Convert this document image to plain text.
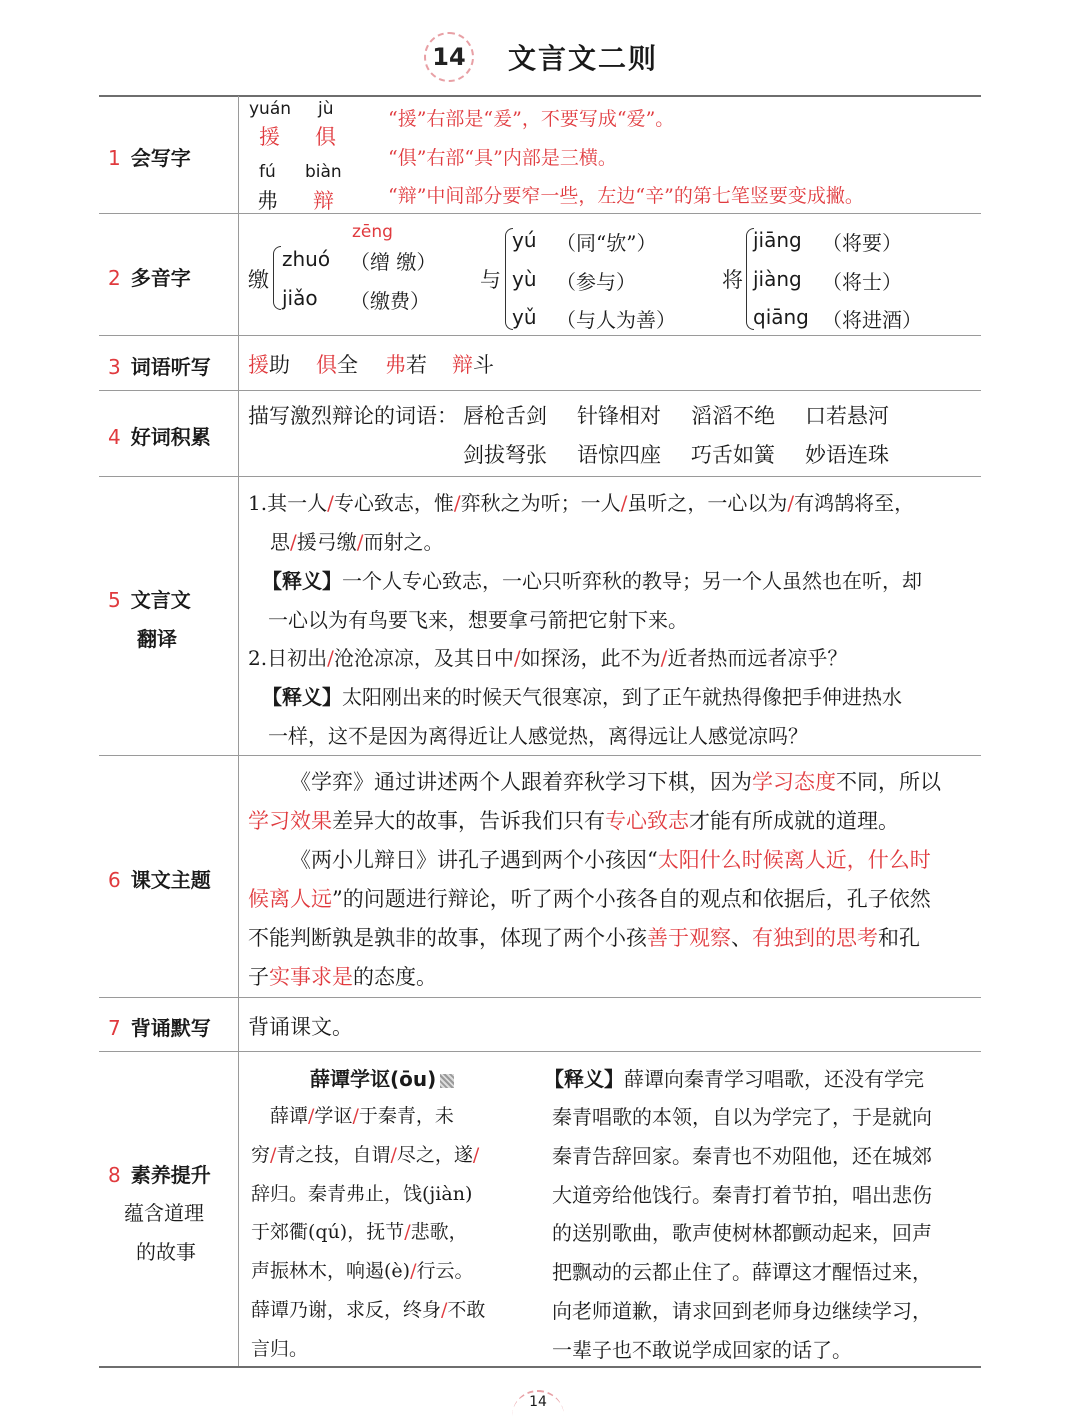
14 文言文二则
1 会写字
yuán jù
援 俱
fú biàn
弗 辩
“援”右部是“爰”，不要写成“爱”。
“俱”右部“具”内部是三横。
“辩”中间部分要窄一些，左边“辛”的第七笔竖要变成撇。
2 多音字	缴
zēng
zhuó （缯 缴）
jiǎo （缴费）
与
yú （同“欤”）
yù （参与）
yǔ （与人为善）
将
jiāng （将要）
jiàng （将士）
qiāng （将进酒）
3 词语听写	援助 俱全 弗若 辩斗
4 好词积累
描写激烈辩论的词语： 唇枪舌剑 针锋相对 滔滔不绝 口若悬河
剑拔弩张 语惊四座 巧舌如簧 妙语连珠
5 文言文
翻译
1.其一人/专心致志，惟/弈秋之为听；一人/虽听之，一心以为/有鸿鹄将至，
思/援弓缴/而射之。
【释义】一个人专心致志，一心只听弈秋的教导；另一个人虽然也在听，却
一心以为有鸟要飞来，想要拿弓箭把它射下来。
2.日初出/沧沧凉凉，及其日中/如探汤，此不为/近者热而远者凉乎？
【释义】太阳刚出来的时候天气很寒凉，到了正午就热得像把手伸进热水
一样，这不是因为离得近让人感觉热，离得远让人感觉凉吗？
6 课文主题
《学弈》通过讲述两个人跟着弈秋学习下棋，因为学习态度不同，所以
学习效果差异大的故事，告诉我们只有专心致志才能有所成就的道理。
《两小儿辩日》讲孔子遇到两个小孩因“太阳什么时候离人近，什么时
候离人远”的问题进行辩论，听了两个小孩各自的观点和依据后，孔子依然
不能判断孰是孰非的故事，体现了两个小孩善于观察、有独到的思考和孔
子实事求是的态度。
7 背诵默写	背诵课文。
8 素养提升
蕴含道理
的故事
薛谭学讴(ōu)
　薛谭/学讴/于秦青，未
穷/青之技，自谓/尽之，遂/
辞归。秦青弗止，饯(jiàn)
于郊衢(qú)，抚节/悲歌，
声振林木，响遏(è)/行云。
薛谭乃谢，求反，终身/不敢
言归。
【释义】薛谭向秦青学习唱歌，还没有学完
秦青唱歌的本领，自以为学完了，于是就向
秦青告辞回家。秦青也不劝阻他，还在城郊
大道旁给他饯行。秦青打着节拍，唱出悲伤
的送别歌曲，歌声使树林都颤动起来，回声
把飘动的云都止住了。薛谭这才醒悟过来，
向老师道歉，请求回到老师身边继续学习，
一辈子也不敢说学成回家的话了。
14
